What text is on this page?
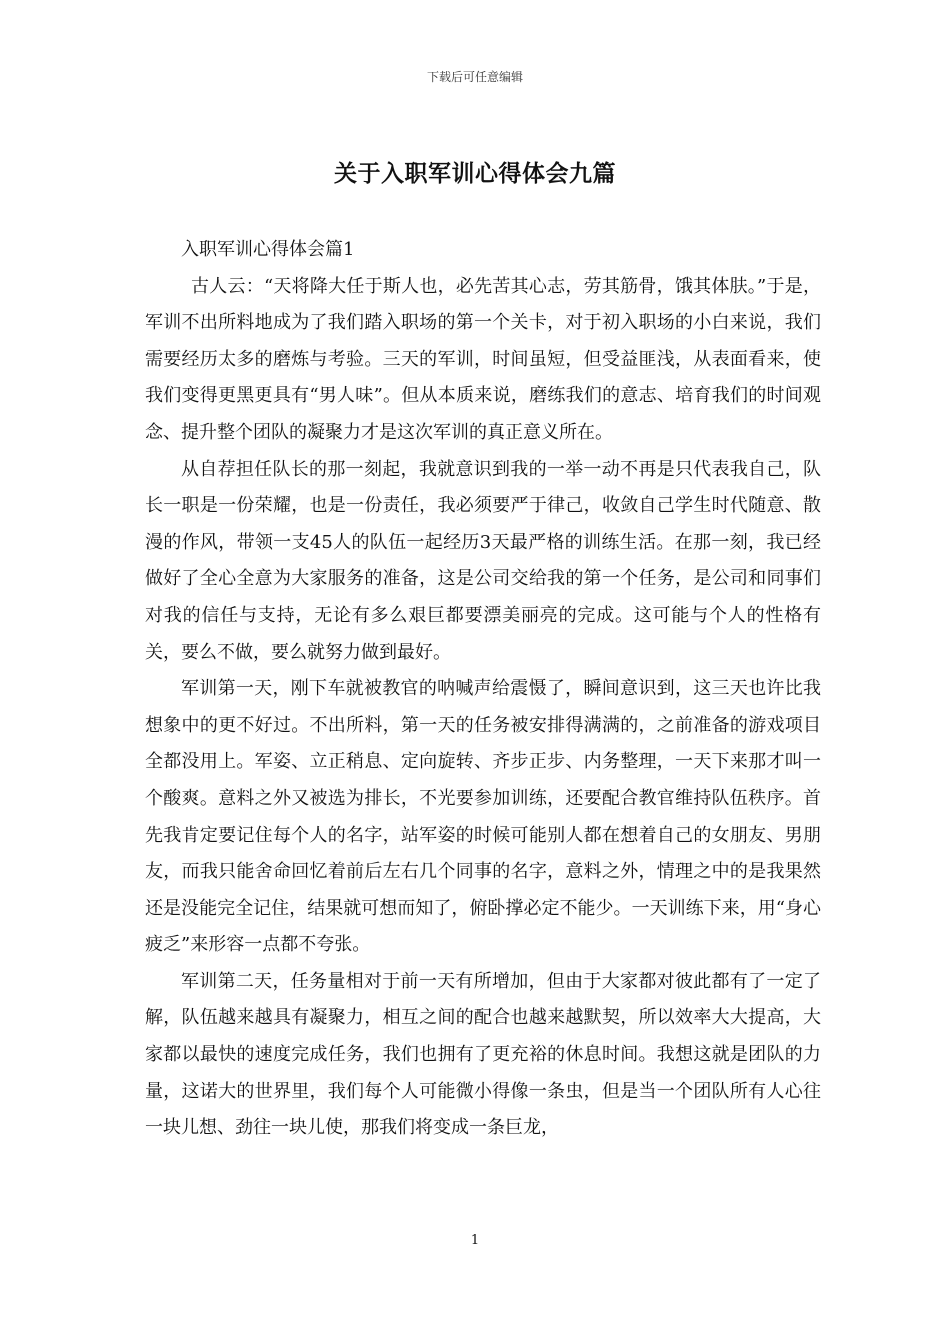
下载后可任意编辑
关于入职军训心得体会九篇

入职军训心得体会篇1

古人云：“天将降大任于斯人也，必先苦其心志，劳其筋骨，饿其体肤。”于是，军训不出所料地成为了我们踏入职场的第一个关卡，对于初入职场的小白来说，我们需要经历太多的磨炼与考验。三天的军训，时间虽短，但受益匪浅，从表面看来，使我们变得更黑更具有“男人味”。但从本质来说，磨练我们的意志、培育我们的时间观念、提升整个团队的凝聚力才是这次军训的真正意义所在。

从自荐担任队长的那一刻起，我就意识到我的一举一动不再是只代表我自己，队长一职是一份荣耀，也是一份责任，我必须要严于律己，收敛自己学生时代随意、散漫的作风，带领一支45人的队伍一起经历3天最严格的训练生活。在那一刻，我已经做好了全心全意为大家服务的准备，这是公司交给我的第一个任务，是公司和同事们对我的信任与支持，无论有多么艰巨都要漂美丽亮的完成。这可能与个人的性格有关，要么不做，要么就努力做到最好。

军训第一天，刚下车就被教官的呐喊声给震慑了，瞬间意识到，这三天也许比我想象中的更不好过。不出所料，第一天的任务被安排得满满的，之前准备的游戏项目全都没用上。军姿、立正稍息、定向旋转、齐步正步、内务整理，一天下来那才叫一个酸爽。意料之外又被选为排长，不光要参加训练，还要配合教官维持队伍秩序。首先我肯定要记住每个人的名字，站军姿的时候可能别人都在想着自己的女朋友、男朋友，而我只能舍命回忆着前后左右几个同事的名字，意料之外，情理之中的是我果然还是没能完全记住，结果就可想而知了，俯卧撑必定不能少。一天训练下来，用“身心疲乏”来形容一点都不夸张。

军训第二天，任务量相对于前一天有所增加，但由于大家都对彼此都有了一定了解，队伍越来越具有凝聚力，相互之间的配合也越来越默契，所以效率大大提高，大家都以最快的速度完成任务，我们也拥有了更充裕的休息时间。我想这就是团队的力量，这诺大的世界里，我们每个人可能微小得像一条虫，但是当一个团队所有人心往一块儿想、劲往一块儿使，那我们将变成一条巨龙，

1
